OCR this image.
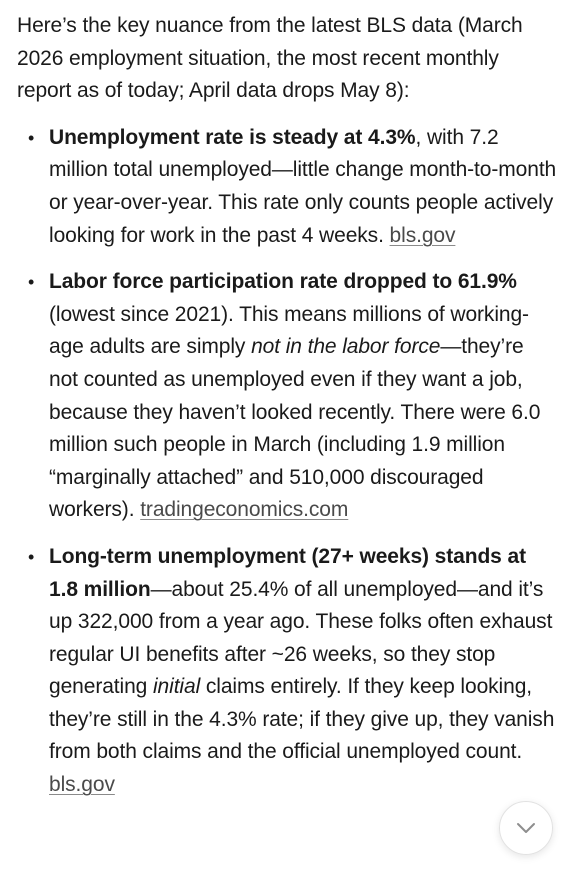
Here’s the key nuance from the latest BLS data (March 2026 employment situation, the most recent monthly report as of today; April data drops May 8):

• Unemployment rate is steady at 4.3%, with 7.2 million total unemployed—little change month-to-month or year-over-year. This rate only counts people actively looking for work in the past 4 weeks. bls.gov
• Labor force participation rate dropped to 61.9% (lowest since 2021). This means millions of working-age adults are simply not in the labor force—they’re not counted as unemployed even if they want a job, because they haven’t looked recently. There were 6.0 million such people in March (including 1.9 million “marginally attached” and 510,000 discouraged workers). tradingeconomics.com
• Long-term unemployment (27+ weeks) stands at 1.8 million—about 25.4% of all unemployed—and it’s up 322,000 from a year ago. These folks often exhaust regular UI benefits after ~26 weeks, so they stop generating initial claims entirely. If they keep looking, they’re still in the 4.3% rate; if they give up, they vanish from both claims and the official unemployed count. bls.gov
